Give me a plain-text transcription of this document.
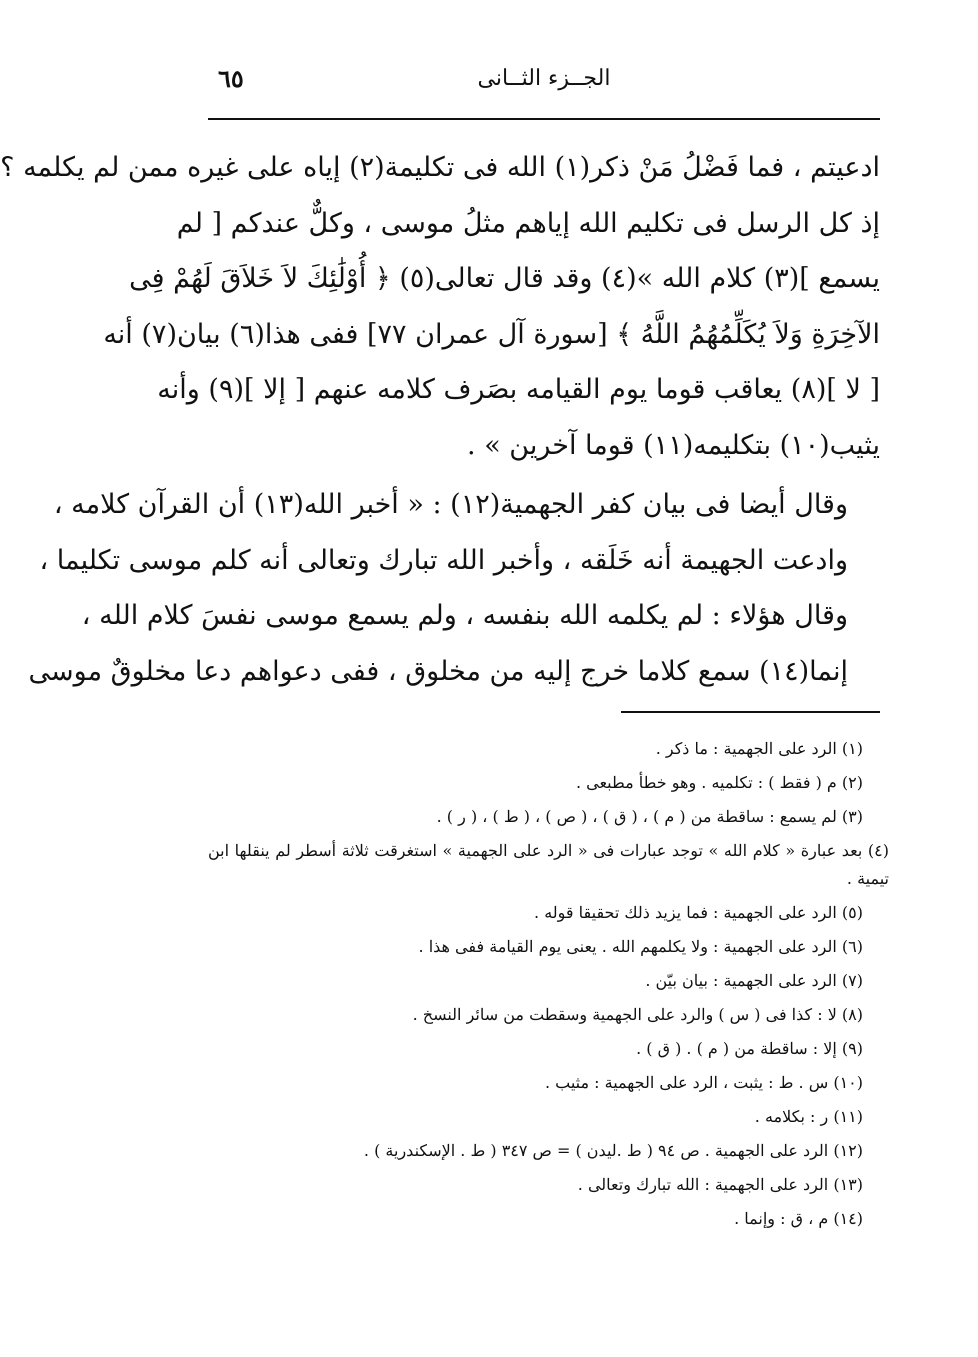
٦٥	الجــزء الثــانى
ادعيتم ، فما فَضْلُ مَنْ ذكر(١) الله فى تكليمة(٢) إياه على غيره ممن لم يكلمه ؟
إذ كل الرسل فى تكليم الله إياهم مثلُ موسى ، وكلٌّ عندكم [ لم
يسمع ](٣) كلام الله »(٤) وقد قال تعالى(٥) ﴿ أُوْلَٰئِكَ لاَ خَلاَقَ لَهُمْ فِى
الآخِرَةِ وَلاَ يُكَلِّمُهُمُ اللَّهُ ﴾ [سورة آل عمران ٧٧] ففى هذا(٦) بيان(٧) أنه
[ لا ](٨) يعاقب قوما يوم القيامه بصَرف كلامه عنهم [ إلا ](٩) وأنه
يثيب(١٠) بتكليمه(١١) قوما آخرين » .
وقال أيضا فى بيان كفر الجهمية(١٢) : « أخبر الله(١٣) أن القرآن كلامه ،
وادعت الجهيمة أنه خَلَقه ، وأخبر الله تبارك وتعالى أنه كلم موسى تكليما ،
وقال هؤلاء : لم يكلمه الله بنفسه ، ولم يسمع موسى نفسَ كلام الله ،
إنما(١٤) سمع كلاما خرج إليه من مخلوق ، ففى دعواهم دعا مخلوقٌ موسى
(١) الرد على الجهمية : ما ذكر .
(٢) م ( فقط ) : تكلميه . وهو خطأ مطبعى .
(٣) لم يسمع : ساقطة من ( م ) ، ( ق ) ، ( ص ) ، ( ط ) ، ( ر ) .
(٤) بعد عبارة « كلام الله » توجد عبارات فى « الرد على الجهمية » استغرقت ثلاثة أسطر لم ينقلها ابن تيمية .
(٥) الرد على الجهمية : فما يزيد ذلك تحقيقا قوله .
(٦) الرد على الجهمية : ولا يكلمهم الله . يعنى يوم القيامة ففى هذا .
(٧) الرد على الجهمية : بيان بيّن .
(٨) لا : كذا فى ( س ) والرد على الجهمية وسقطت من سائر النسخ .
(٩) إلا : ساقطة من ( م ) . ( ق ) .
(١٠) س . ط : يثبت ، الرد على الجهمية : مثيب .
(١١) ر : بكلامه .
(١٢) الرد على الجهمية . ص ٩٤ ( ط .ليدن ) = ص ٣٤٧ ( ط . الإسكندرية ) .
(١٣) الرد على الجهمية : الله تبارك وتعالى .
(١٤) م ، ق : وإنما .
